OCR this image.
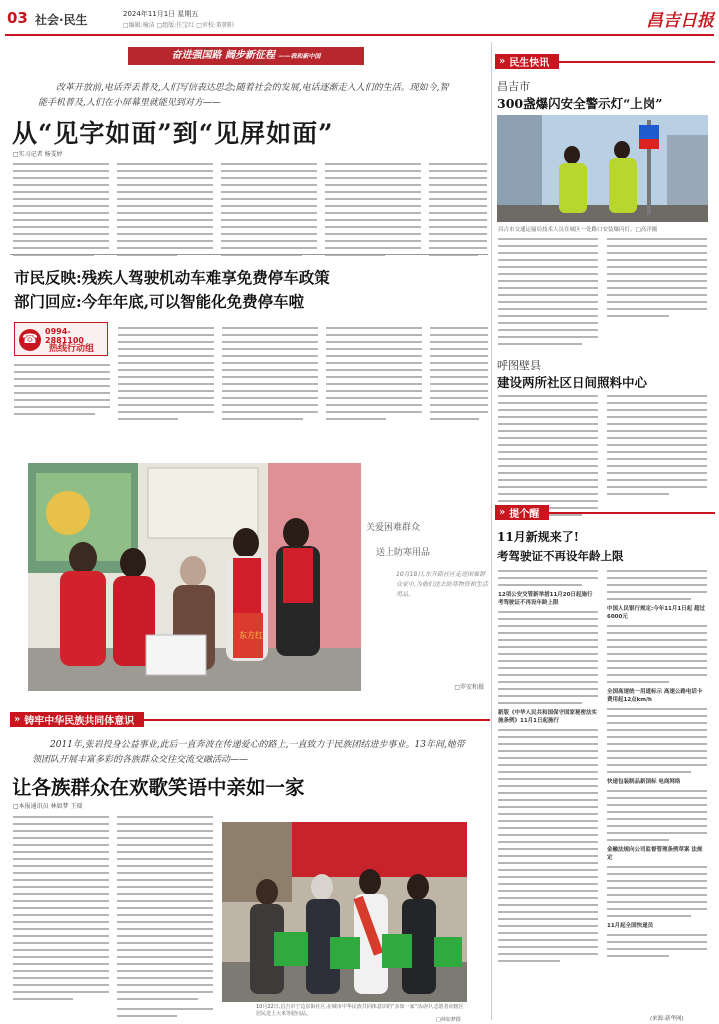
03 社会·民生	2024年11月1日 星期五
□编辑:喻洁 □组版:任宝红 □审校:董朝阳	昌吉日报
奋进强国路 阔步新征程 ——我和新中国
改革开放前,电话弄丢普及,人们写信表达思念;随着社会的发展,电话逐渐走入人们的生活。现如今,智能手机普及,人们在小屏幕里就能见到对方——
从“见字如面”到“见屏如面”
□实习记者 杨雯婷
市民反映:残疾人驾驶机动车难享免费停车政策
部门回应:今年年底,可以智能化免费停车啦
☎
0994-2881100
热线行动组
东方红
关爱困难群众
送上防寒用品
10月18日,东升路社区走进困难群众家中,为他们送去防寒物资和生活用品。
□罗安和摄
» 铸牢中华民族共同体意识
2011年,张岩投身公益事业,此后一直奔波在传递爱心的路上,一直致力于民族团结进步事业。13年间,她带领团队开展丰富多彩的各族群众交往交流交融活动——
让各族群众在欢歌笑语中亲如一家
□本报通讯员 林如梦 王瑞
10月22日,昌吉市宁边东街社区,在城市中华民族共同体意识的“亲如一家”活动中,志愿者向辖区居民送上大米等慰问品。
□林如梦摄
» 民生快讯
昌吉市
300盏爆闪安全警示灯“上岗”
昌吉市交通运输局技术人员在城区一处路口安装爆闪灯。□高洋摄
呼图壁县
建设两所社区日间照料中心
» 提个醒
11月新规来了!
考驾驶证不再设年龄上限
12项公安交管新举措11月20日起施行 考驾驶证不再设年龄上限
新版《中华人民共和国保守国家秘密法实施条例》11月1日起施行
中国人民银行规定:今年11月1日起 超过6000元
全国高速统一用道标示 高速公路电话卡费用起12点km/h
快递包装制品新国标 电商网络
金融法规向公司监督管理条例草案 法规定
11月起全国快递员
(来源:新华网)
